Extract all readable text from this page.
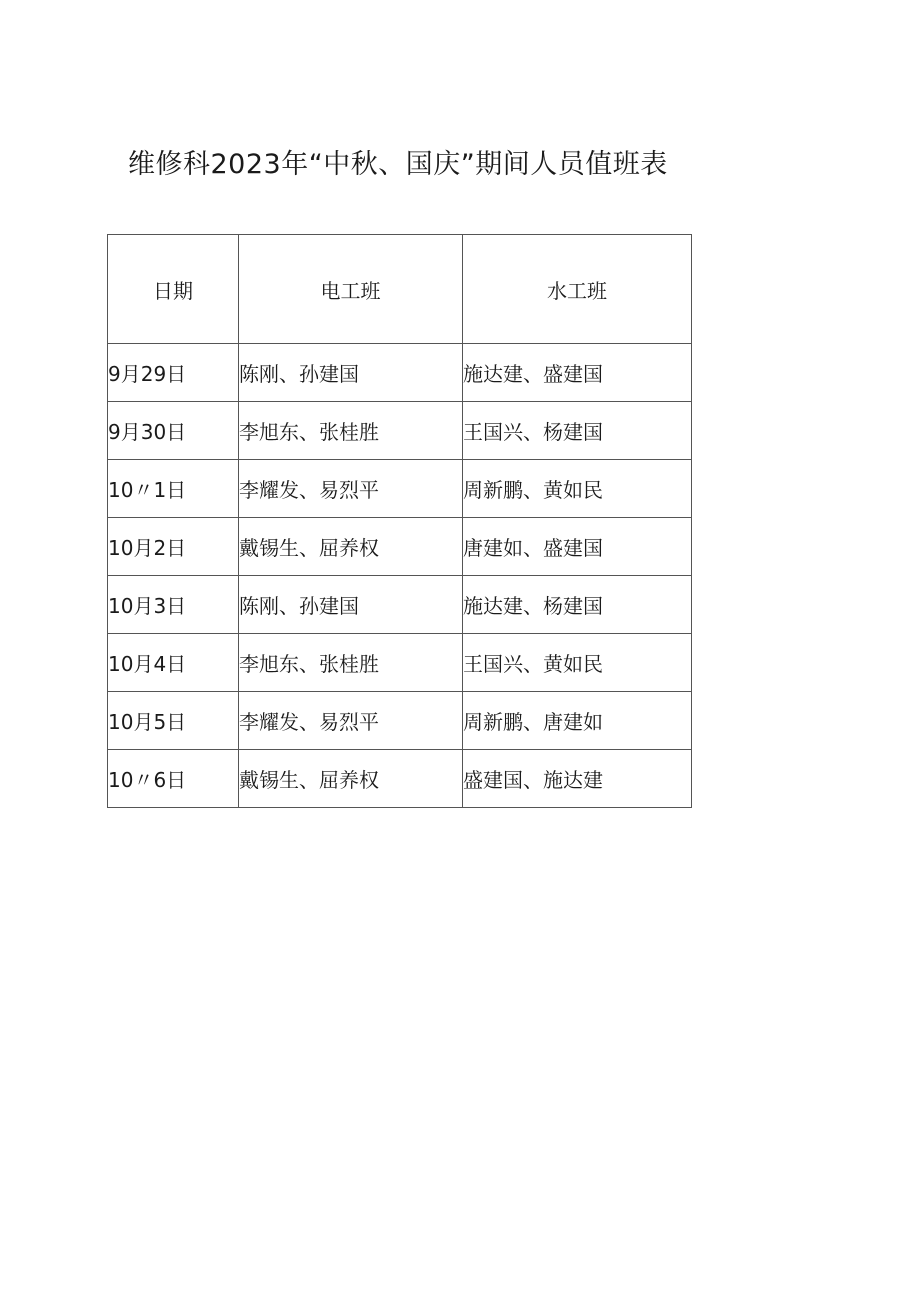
维修科2023年“中秋、国庆”期间人员值班表
日期	电工班	水工班
9月29日	陈刚、孙建国	施达建、盛建国
9月30日	李旭东、张桂胜	王国兴、杨建国
10〃1日	李耀发、易烈平	周新鹏、黄如民
10月2日	戴锡生、屈养权	唐建如、盛建国
10月3日	陈刚、孙建国	施达建、杨建国
10月4日	李旭东、张桂胜	王国兴、黄如民
10月5日	李耀发、易烈平	周新鹏、唐建如
10〃6日	戴锡生、屈养权	盛建国、施达建
